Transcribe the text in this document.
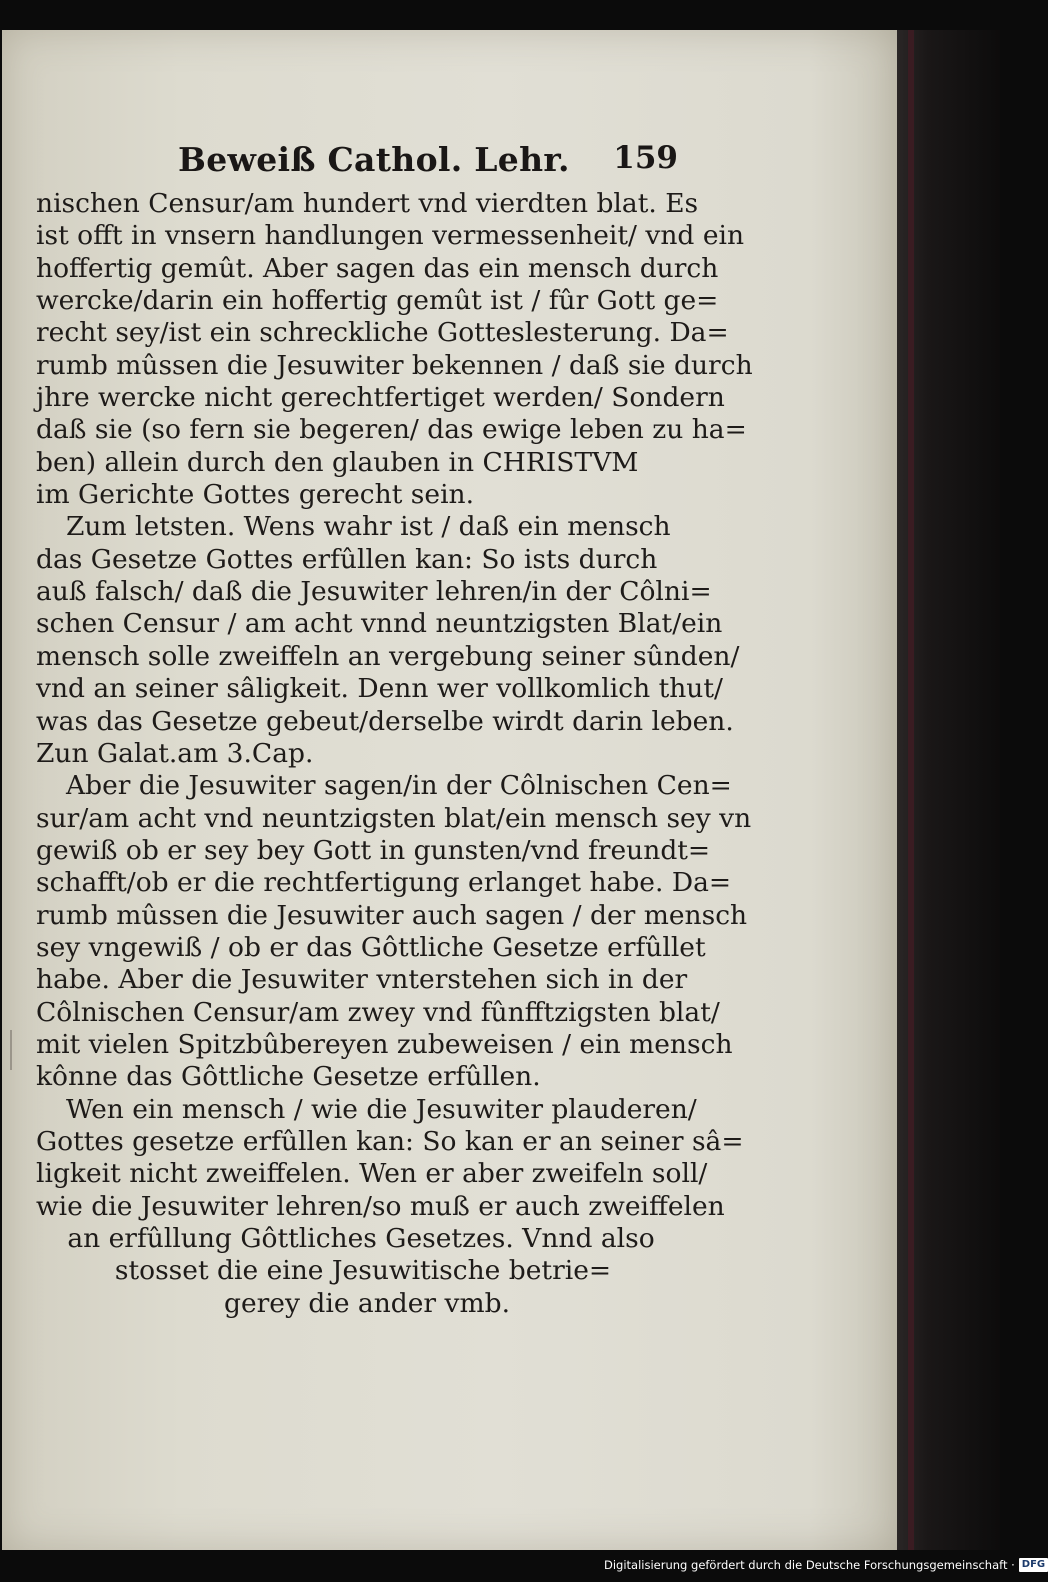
Beweiß Cathol. Lehr. 159
nischen Censur/am hundert vnd vierdten blat. Es
ist offt in vnsern handlungen vermessenheit/ vnd ein
hoffertig gemût. Aber sagen das ein mensch durch
wercke/darin ein hoffertig gemût ist / fûr Gott ge=
recht sey/ist ein schreckliche Gotteslesterung. Da=
rumb mûssen die Jesuwiter bekennen / daß sie durch
jhre wercke nicht gerechtfertiget werden/ Sondern
daß sie (so fern sie begeren/ das ewige leben zu ha=
ben) allein durch den glauben in CHRISTVM
im Gerichte Gottes gerecht sein.
Zum letsten. Wens wahr ist / daß ein mensch
das Gesetze Gottes erfûllen kan: So ists durch
auß falsch/ daß die Jesuwiter lehren/in der Côlni=
schen Censur / am acht vnnd neuntzigsten Blat/ein
mensch solle zweiffeln an vergebung seiner sûnden/
vnd an seiner sâligkeit. Denn wer vollkomlich thut/
was das Gesetze gebeut/derselbe wirdt darin leben.
Zun Galat.am 3.Cap.
Aber die Jesuwiter sagen/in der Côlnischen Cen=
sur/am acht vnd neuntzigsten blat/ein mensch sey vn
gewiß ob er sey bey Gott in gunsten/vnd freundt=
schafft/ob er die rechtfertigung erlanget habe. Da=
rumb mûssen die Jesuwiter auch sagen / der mensch
sey vngewiß / ob er das Gôttliche Gesetze erfûllet
habe. Aber die Jesuwiter vnterstehen sich in der
Côlnischen Censur/am zwey vnd fûnfftzigsten blat/
mit vielen Spitzbûbereyen zubeweisen / ein mensch
kônne das Gôttliche Gesetze erfûllen.
Wen ein mensch / wie die Jesuwiter plauderen/
Gottes gesetze erfûllen kan: So kan er an seiner sâ=
ligkeit nicht zweiffelen. Wen er aber zweifeln soll/
wie die Jesuwiter lehren/so muß er auch zweiffelen
an erfûllung Gôttliches Gesetzes. Vnnd also
stosset die eine Jesuwitische betrie=
gerey die ander vmb.
Digitalisierung gefördert durch die Deutsche Forschungsgemeinschaft · DFG
